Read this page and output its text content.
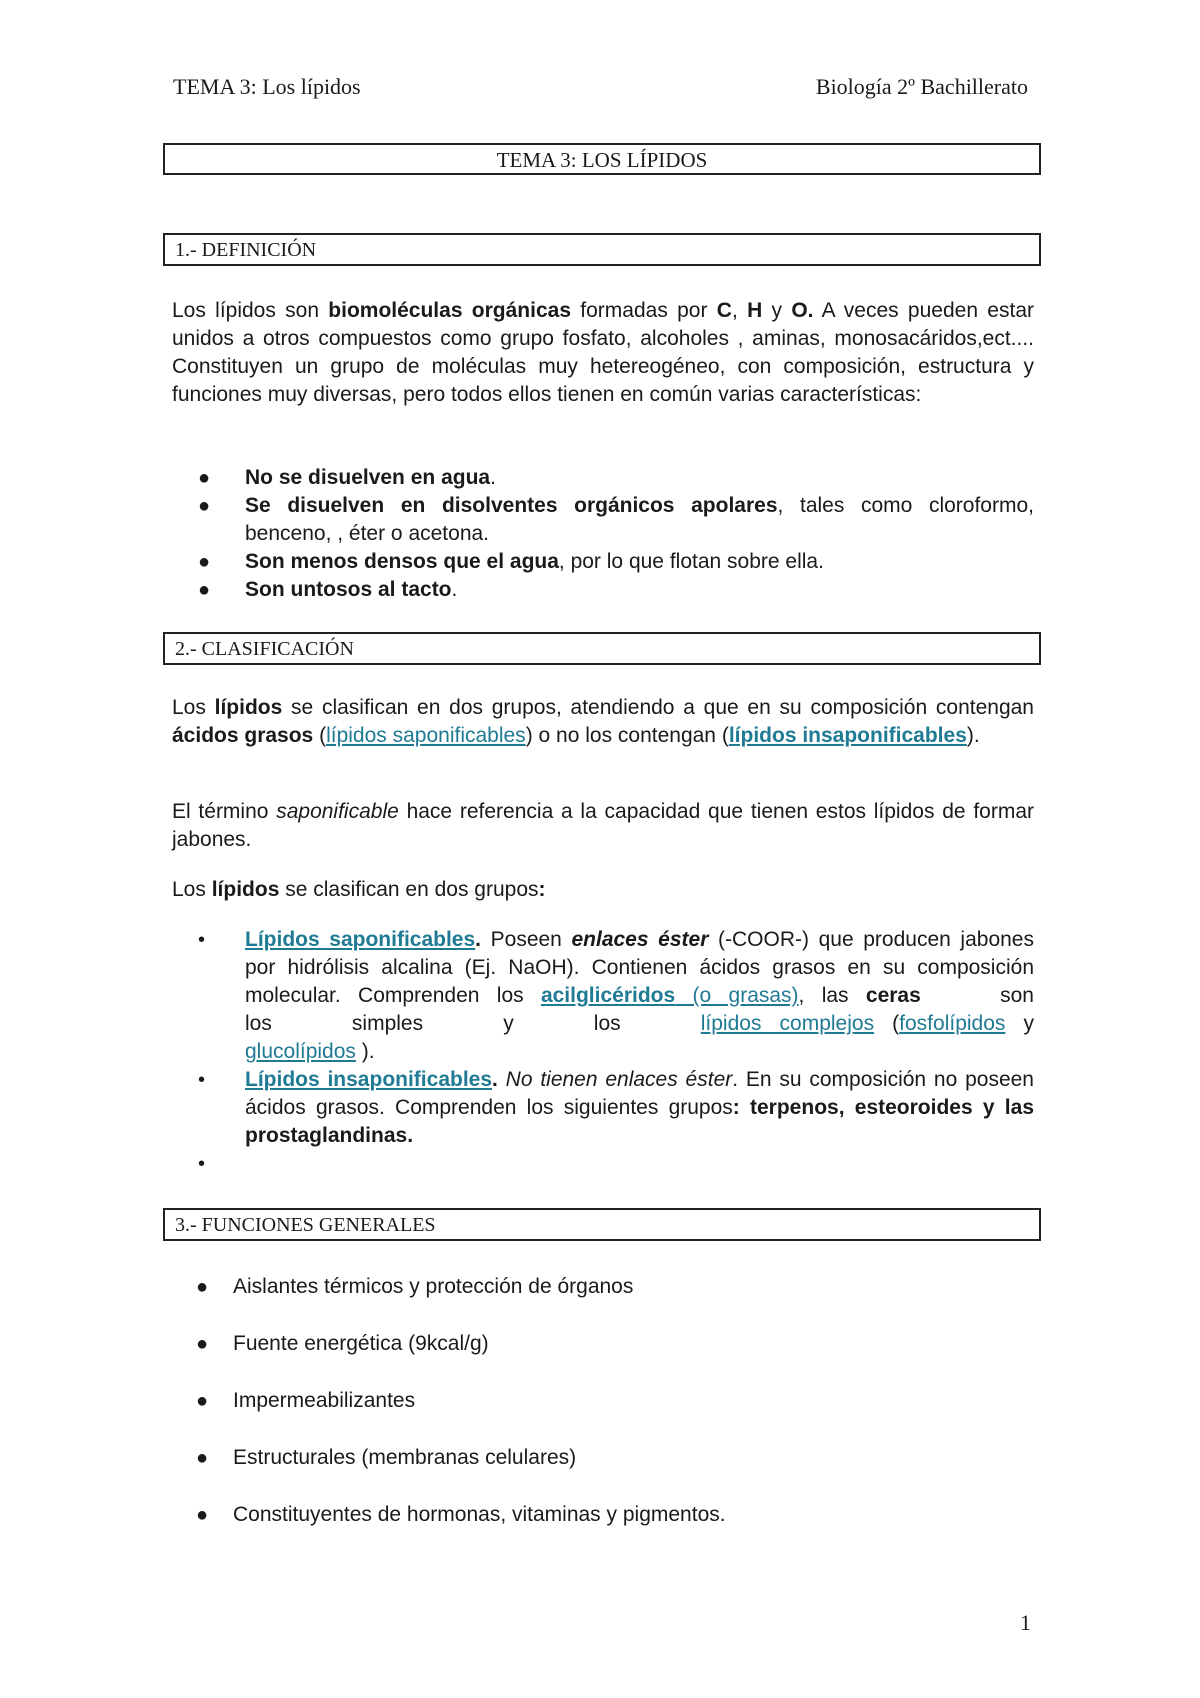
TEMA 3: Los lípidos	Biología 2º Bachillerato
TEMA 3: LOS LÍPIDOS
1.- DEFINICIÓN
Los lípidos son biomoléculas orgánicas formadas por C, H y O. A veces pueden estar unidos a otros compuestos como grupo fosfato, alcoholes , aminas, monosacáridos,ect.... Constituyen un grupo de moléculas muy hetereogéneo, con composición, estructura y funciones muy diversas, pero todos ellos tienen en común varias características:
● No se disuelven en agua.
● Se disuelven en disolventes orgánicos apolares, tales como cloroformo, benceno, , éter o acetona.
● Son menos densos que el agua, por lo que flotan sobre ella.
● Son untosos al tacto.
2.- CLASIFICACIÓN
Los lípidos se clasifican en dos grupos, atendiendo a que en su composición contengan ácidos grasos (lípidos saponificables) o no los contengan (lípidos insaponificables).
El término saponificable hace referencia a la capacidad que tienen estos lípidos de formar jabones.
Los lípidos se clasifican en dos grupos:
• Lípidos saponificables. Poseen enlaces éster (-COOR-) que producen jabones por hidrólisis alcalina (Ej. NaOH). Contienen ácidos grasos en su composición molecular. Comprenden los acilglicéridos (o grasas), las ceras son los simples y los lípidos complejos (fosfolípidos y glucolípidos ).
• Lípidos insaponificables. No tienen enlaces éster. En su composición no poseen ácidos grasos. Comprenden los siguientes grupos: terpenos, esteoroides y las prostaglandinas.
•
3.- FUNCIONES GENERALES
● Aislantes térmicos y protección de órganos
● Fuente energética (9kcal/g)
● Impermeabilizantes
● Estructurales (membranas celulares)
● Constituyentes de hormonas, vitaminas y pigmentos.
1
